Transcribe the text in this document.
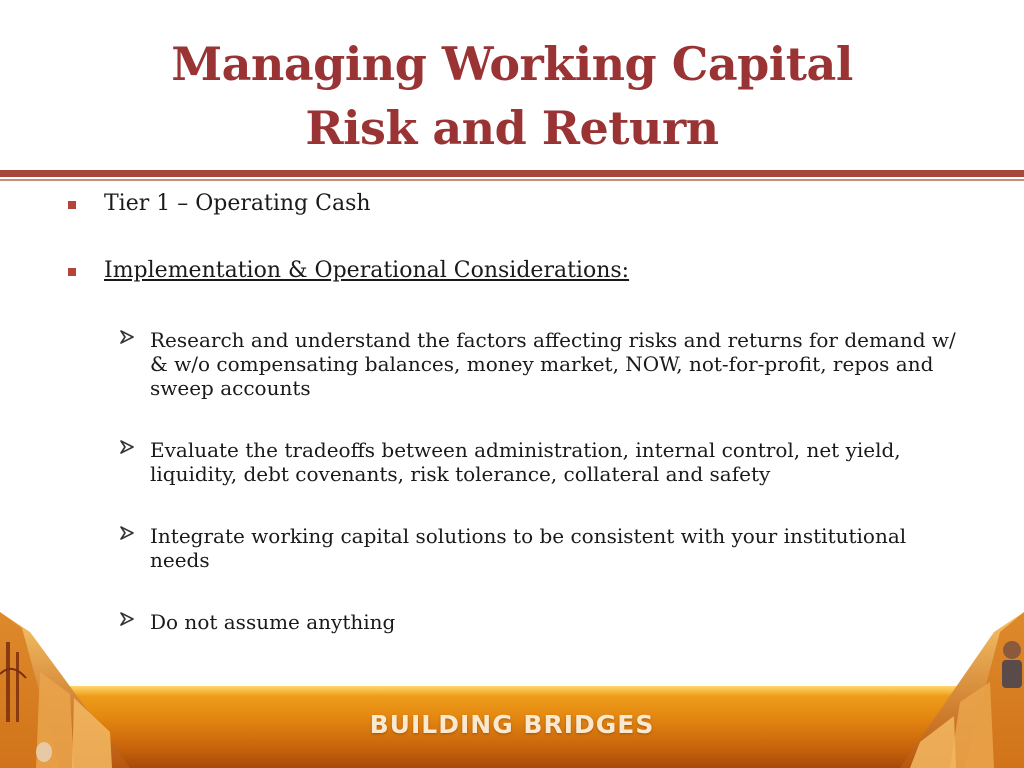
Managing Working Capital
Risk and Return
Tier 1 – Operating Cash
Implementation & Operational Considerations:
Research and understand the factors affecting risks and returns for demand w/ & w/o compensating balances, money market, NOW, not-for-profit, repos and sweep accounts
Evaluate the tradeoffs between administration, internal control, net yield, liquidity, debt covenants, risk tolerance, collateral and safety
Integrate working capital solutions to be consistent with your institutional needs
Do not assume anything
BUILDING BRIDGES
